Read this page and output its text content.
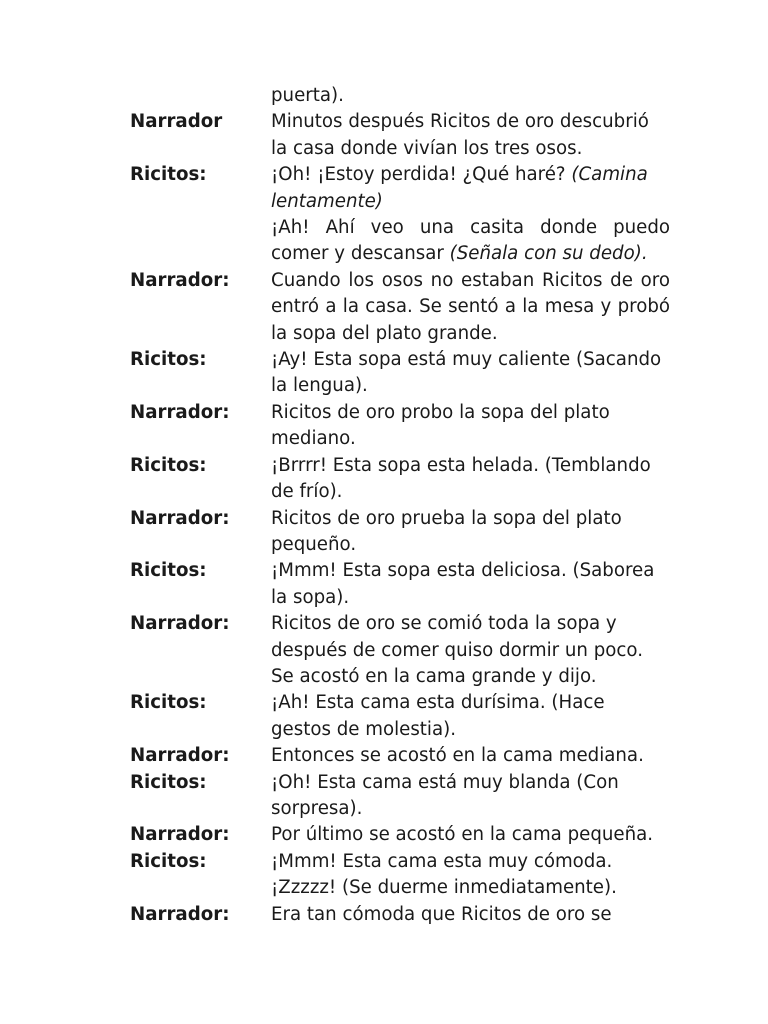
puerta).
Narrador	Minutos después Ricitos de oro descubrió la casa donde vivían los tres osos.
Ricitos:	¡Oh! ¡Estoy perdida! ¿Qué haré? (Camina lentamente)
¡Ah! Ahí veo una casita donde puedo comer y descansar (Señala con su dedo).
Narrador:	Cuando los osos no estaban Ricitos de oro entró a la casa. Se sentó a la mesa y probó la sopa del plato grande.
Ricitos:	¡Ay! Esta sopa está muy caliente (Sacando la lengua).
Narrador:	Ricitos de oro probo la sopa del plato mediano.
Ricitos:	¡Brrrr! Esta sopa esta helada. (Temblando de frío).
Narrador:	Ricitos de oro prueba la sopa del plato pequeño.
Ricitos:	¡Mmm! Esta sopa esta deliciosa. (Saborea la sopa).
Narrador:	Ricitos de oro se comió toda la sopa y después de comer quiso dormir un poco. Se acostó en la cama grande y dijo.
Ricitos:	¡Ah! Esta cama esta durísima. (Hace gestos de molestia).
Narrador:	Entonces se acostó en la cama mediana.
Ricitos:	¡Oh! Esta cama está muy blanda (Con sorpresa).
Narrador:	Por último se acostó en la cama pequeña.
Ricitos:	¡Mmm! Esta cama esta muy cómoda. ¡Zzzzz! (Se duerme inmediatamente).
Narrador:	Era tan cómoda que Ricitos de oro se
